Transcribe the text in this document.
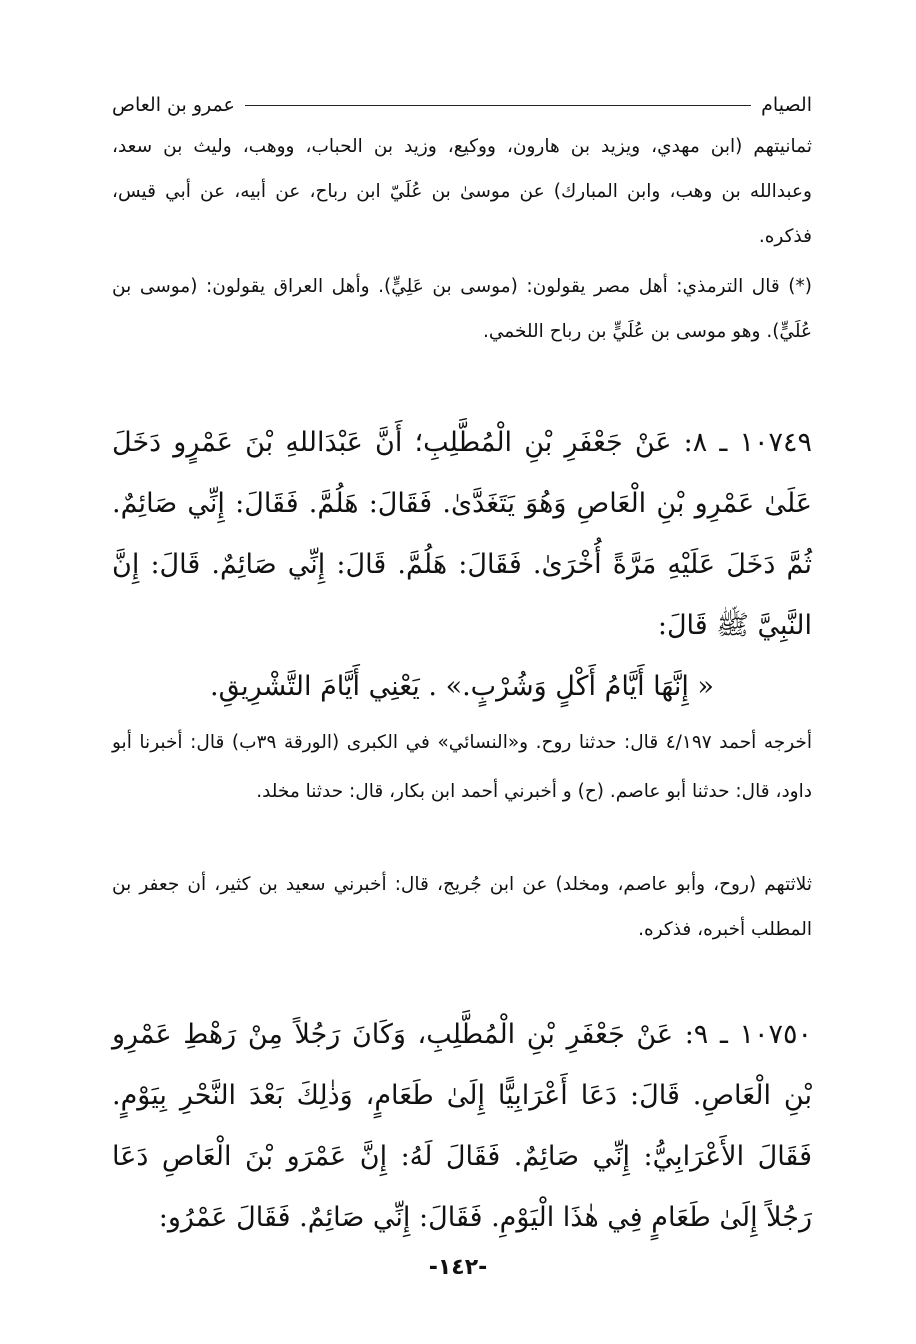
الصيام
عمرو بن العاص

ثمانيتهم (ابن مهدي، ويزيد بن هارون، ووكيع، وزيد بن الحباب، ووهب، وليث بن سعد، وعبدالله بن وهب، وابن المبارك) عن موسىٰ بن عُلَيّ ابن رباح، عن أبيه، عن أبي قيس، فذكره.

(*) قال الترمذي: أهل مصر يقولون: (موسى بن عَلِيٍّ). وأهل العراق يقولون: (موسى بن عُلَيٍّ). وهو موسى بن عُلَيٍّ بن رباح اللخمي.

١٠٧٤٩ ـ ٨: عَنْ جَعْفَرِ بْنِ الْمُطَّلِبِ؛ أَنَّ عَبْدَاللهِ بْنَ عَمْرٍو دَخَلَ عَلَىٰ عَمْرِو بْنِ الْعَاصِ وَهُوَ يَتَغَدَّىٰ. فَقَالَ: هَلُمَّ. فَقَالَ: إِنِّي صَائِمٌ. ثُمَّ دَخَلَ عَلَيْهِ مَرَّةً أُخْرَىٰ. فَقَالَ: هَلُمَّ. قَالَ: إِنِّي صَائِمٌ. قَالَ: إِنَّ النَّبِيَّ ﷺ قَالَ:

« إِنَّهَا أَيَّامُ أَكْلٍ وَشُرْبٍ.» . يَعْنِي أَيَّامَ التَّشْرِيقِ.

أخرجه أحمد ٤/١٩٧ قال: حدثنا روح. و«النسائي» في الكبرى (الورقة ٣٩ب) قال: أخبرنا أبو داود، قال: حدثنا أبو عاصم. (ح) و أخبرني أحمد ابن بكار، قال: حدثنا مخلد.

ثلاثتهم (روح، وأبو عاصم، ومخلد) عن ابن جُريج، قال: أخبرني سعيد بن كثير، أن جعفر بن المطلب أخبره، فذكره.

١٠٧٥٠ ـ ٩: عَنْ جَعْفَرِ بْنِ الْمُطَّلِبِ، وَكَانَ رَجُلاً مِنْ رَهْطِ عَمْرِو بْنِ الْعَاصِ. قَالَ: دَعَا أَعْرَابِيًّا إِلَىٰ طَعَامٍ، وَذٰلِكَ بَعْدَ النَّحْرِ بِيَوْمٍ. فَقَالَ الأَعْرَابِيُّ: إِنِّي صَائِمٌ. فَقَالَ لَهُ: إِنَّ عَمْرَو بْنَ الْعَاصِ دَعَا رَجُلاً إِلَىٰ طَعَامٍ فِي هٰذَا الْيَوْمِ. فَقَالَ: إِنِّي صَائِمٌ. فَقَالَ عَمْرُو:

-١٤٢-
